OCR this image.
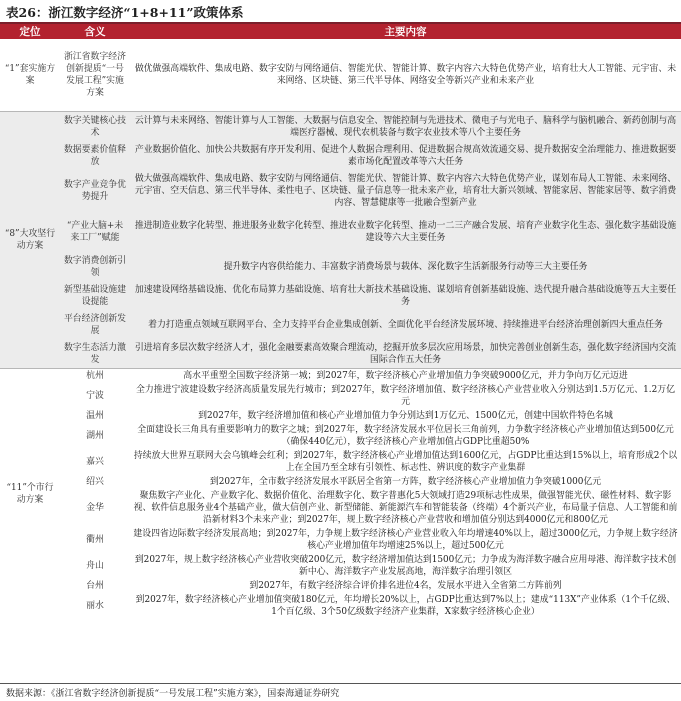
表26：浙江数字经济“1+8+11”政策体系
定位	含义	主要内容
“1”套实施方案	浙江省数字经济创新提质“一号发展工程”实施方案	做优做强高端软件、集成电路、数字安防与网络通信、智能光伏、智能计算、数字内容六大特色优势产业，培育壮大人工智能、元宇宙、未来网络、区块链、第三代半导体、网络安全等新兴产业和未来产业
“8”大攻坚行动方案	数字关键核心技术	云计算与未来网络、智能计算与人工智能、大数据与信息安全、智能控制与先进技术、微电子与光电子、脑科学与脑机融合、新药创制与高端医疗器械、现代农机装备与数字农业技术等八个主要任务
	数据要素价值释放	产业数据价值化、加快公共数据有序开发利用、促进个人数据合理利用、促进数据合规高效流通交易、提升数据安全治理能力、推进数据要素市场化配置改革等六大任务
	数字产业竞争优势提升	做大做强高端软件、集成电路、数字安防与网络通信、智能光伏、智能计算、数字内容六大特色优势产业，谋划布局人工智能、未来网络、元宇宙、空天信息、第三代半导体、柔性电子、区块链、量子信息等一批未来产业，培育壮大新兴领域、智能家居、智能家居等、数字消费内容、智慧健康等一批融合型新产业
	“产业大脑+未来工厂”赋能	推进制造业数字化转型、推进服务业数字化转型、推进农业数字化转型、推动一二三产融合发展、培育产业数字化生态、强化数字基础设施建设等六大主要任务
	数字消费创新引领	提升数字内容供给能力、丰富数字消费场景与载体、深化数字生活新服务行动等三大主要任务
	新型基础设施建设提能	加速建设网络基础设施、优化布局算力基础设施、培育壮大新技术基础设施、谋划培育创新基础设施、迭代提升融合基础设施等五大主要任务
	平台经济创新发展	着力打造重点领域互联网平台、全力支持平台企业集成创新、全面优化平台经济发展环境、持续推进平台经济治理创新四大重点任务
	数字生态活力激发	引进培育多层次数字经济人才，强化金融要素高效聚合理流动，挖掘开放多层次应用场景，加快完善创业创新生态，强化数字经济国内交流国际合作五大任务
“11”个市行动方案	杭州	高水平重塑全国数字经济第一城；到2027年，数字经济核心产业增加值力争突破9000亿元，并力争向万亿元迈进
	宁波	全力推进宁波建设数字经济高质量发展先行城市；到2027年，数字经济增加值、数字经济核心产业营业收入分别达到1.5万亿元、1.2万亿元
	温州	到2027年，数字经济增加值和核心产业增加值力争分别达到1万亿元、1500亿元，创建中国软件特色名城
	湖州	全面建设长三角具有重要影响力的数字之城；到2027年，数字经济发展水平位居长三角前列，力争数字经济核心产业增加值达到500亿元（确保440亿元），数字经济核心产业增加值占GDP比重超50%
	嘉兴	持续放大世界互联网大会乌镇峰会红利；到2027年，数字经济核心产业增加值达到1600亿元，占GDP比重达到15%以上，培育形成2个以上在全国乃至全球有引领性、标志性、辨识度的数字产业集群
	绍兴	到2027年，全市数字经济发展水平跃居全省第一方阵，数字经济核心产业增加值力争突破1000亿元
	金华	聚焦数字产业化、产业数字化、数据价值化、治理数字化、数字普惠化5大领域打造29项标志性成果，做强智能光伏、磁性材料、数字影视、软件信息服务业4个基础产业，做大信创产业、新型储能、新能源汽车和智能装备（终端）4个新兴产业，布局量子信息、人工智能和前沿新材料3个未来产业；到2027年，规上数字经济核心产业营收和增加值分别达到4000亿元和800亿元
	衢州	建设四省边际数字经济发展高地；到2027年，力争规上数字经济核心产业营业收入年均增速40%以上，超过3000亿元，力争规上数字经济核心产业增加值年均增速25%以上，超过500亿元
	舟山	到2027年，规上数字经济核心产业营收突破200亿元，数字经济增加值达到1500亿元；力争成为海洋数字融合应用母港、海洋数字技术创新中心、海洋数字产业发展高地，海洋数字治理引领区
	台州	到2027年，有数字经济综合评价排名进位4名，发展水平进入全省第二方阵前列
	丽水	到2027年，数字经济核心产业增加值突破180亿元，年均增长20%以上，占GDP比重达到7%以上；建成“113X”产业体系（1个千亿级、1个百亿级、3个50亿级数字经济产业集群，X家数字经济核心企业）
数据来源：《浙江省数字经济创新提质“一号发展工程”实施方案》，国泰海通证券研究
